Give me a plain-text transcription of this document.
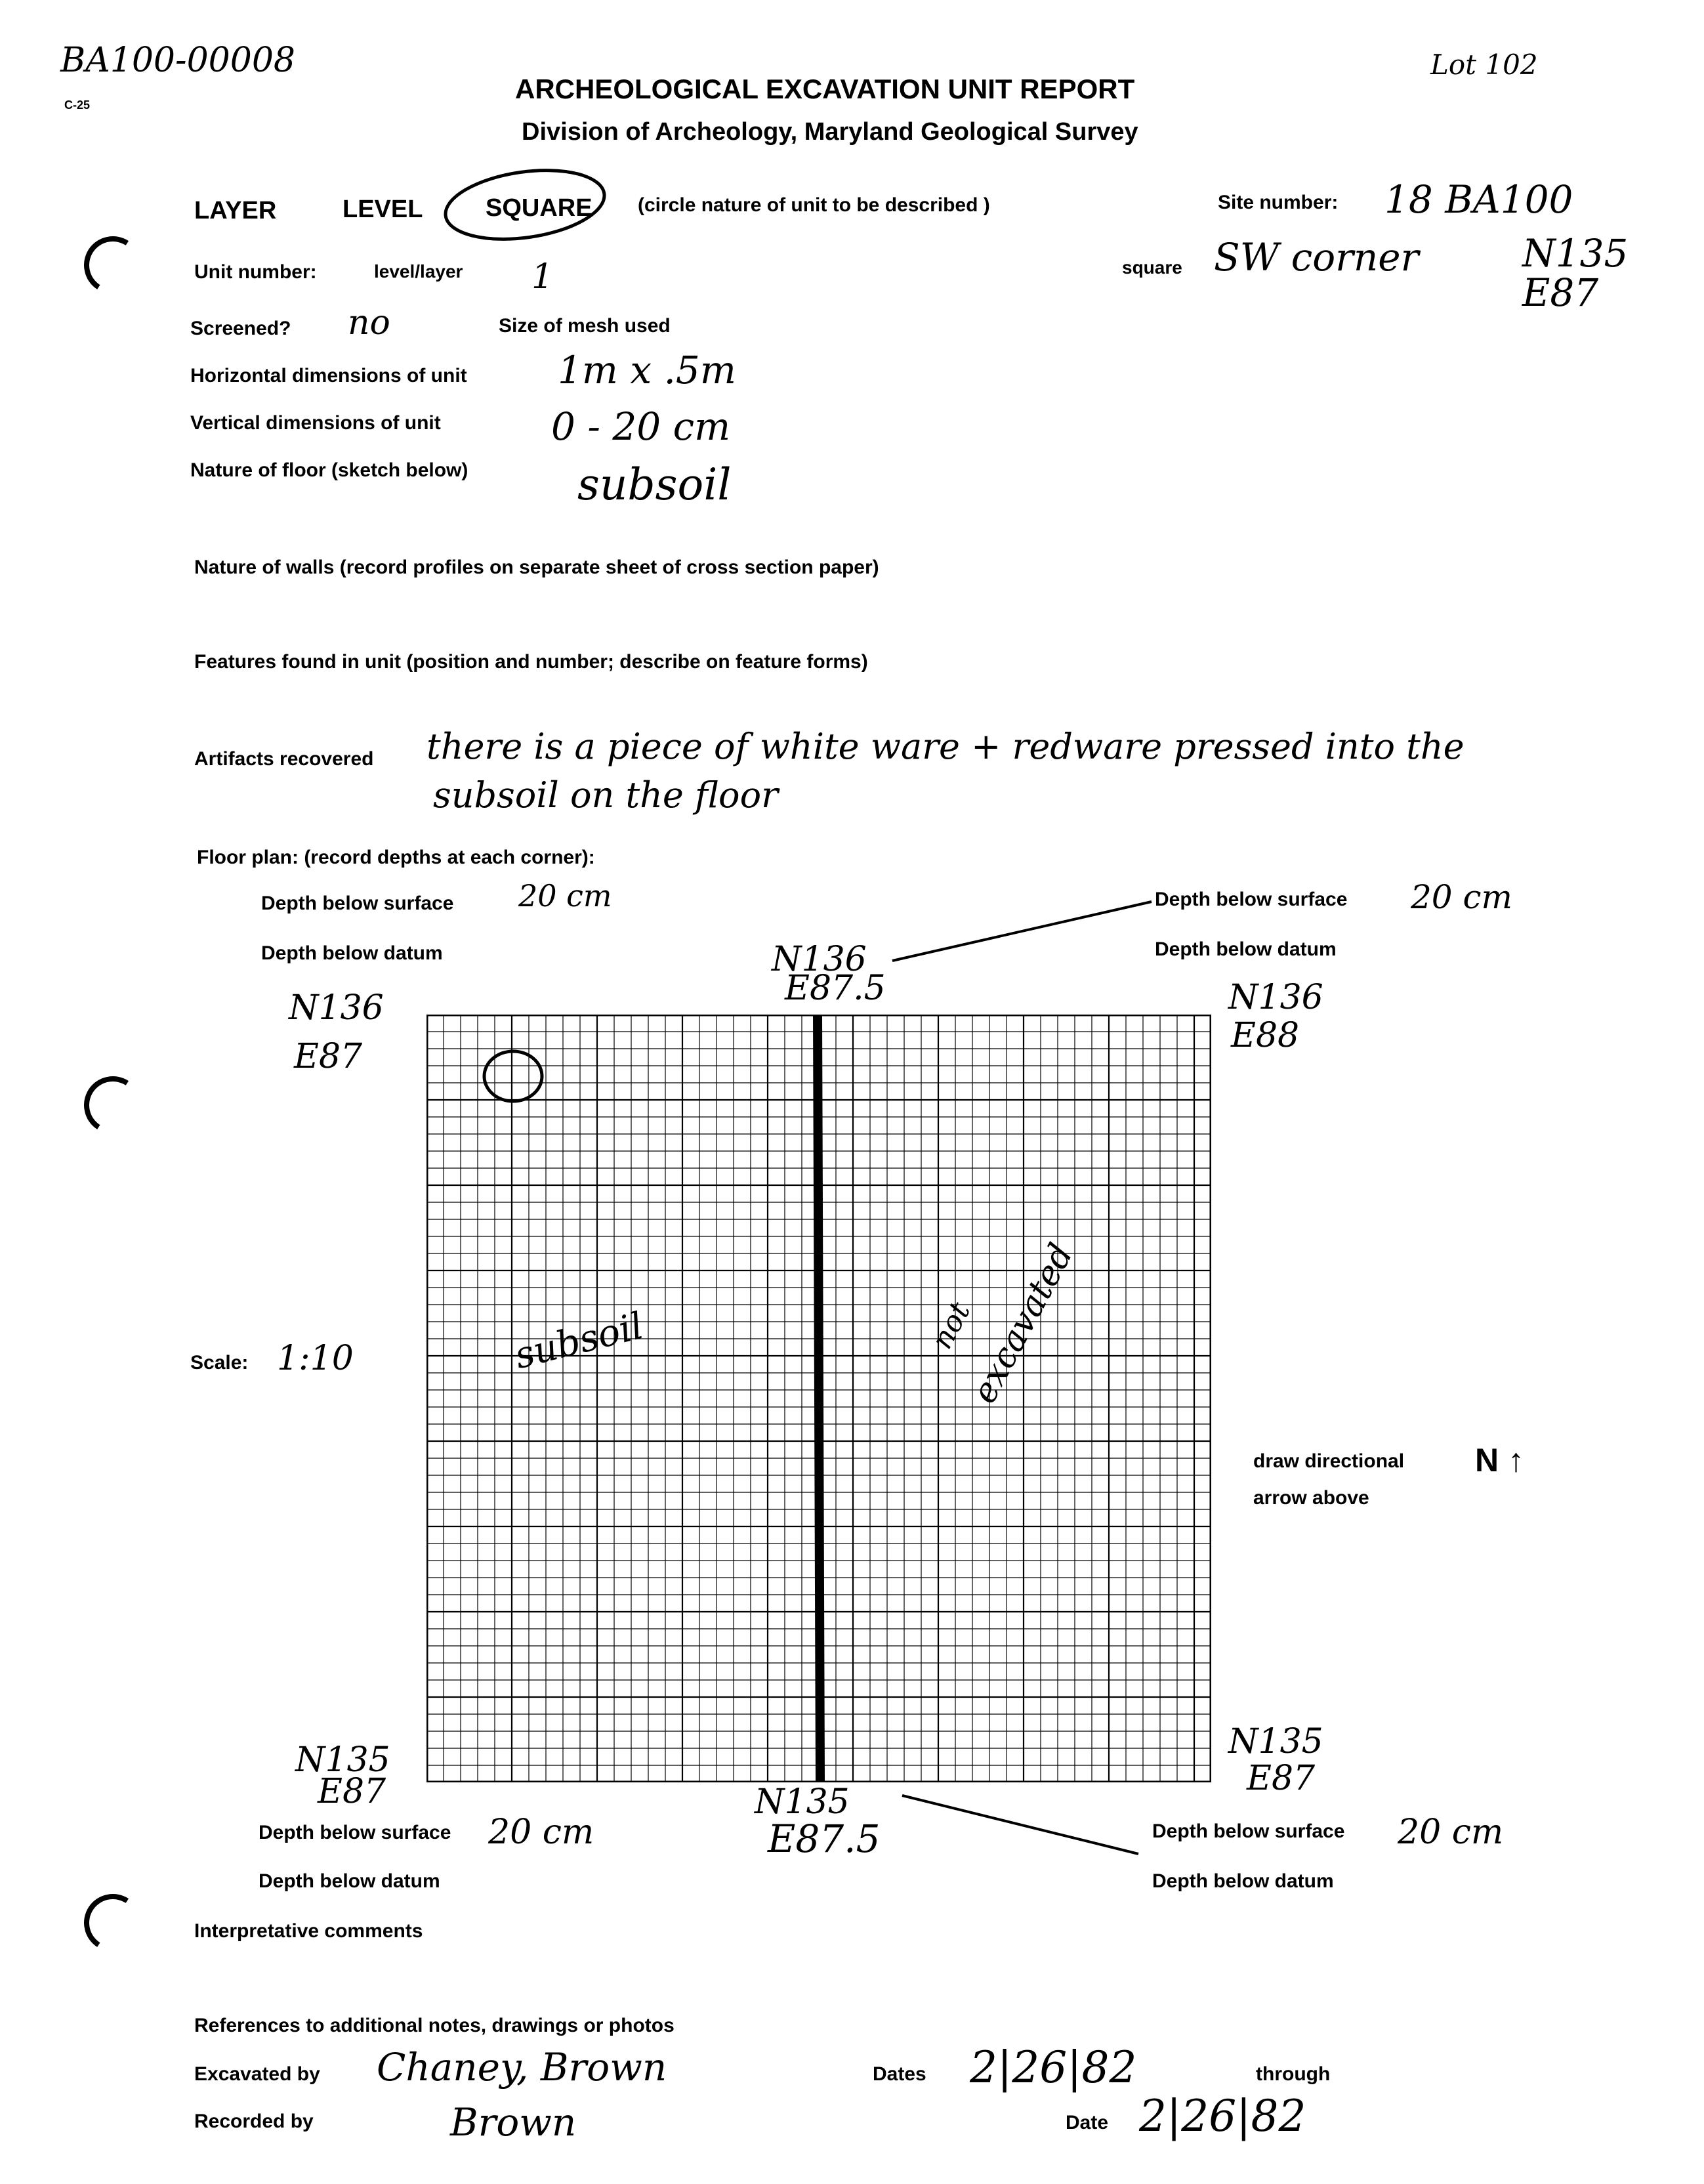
BA100-00008
C-25
Lot 102
ARCHEOLOGICAL EXCAVATION UNIT REPORT
Division of Archeology, Maryland Geological Survey
LAYER	LEVEL	SQUARE (circle nature of unit to be described )	Site number: 18 BA100
Unit number:	level/layer 1	square SW corner	N135
E87
Screened? no	Size of mesh used
Horizontal dimensions of unit 1m x .5m
Vertical dimensions of unit	0 - 20 cm
Nature of floor (sketch below)	subsoil
Nature of walls (record profiles on separate sheet of cross section paper)
Features found in unit (position and number; describe on feature forms)
Artifacts recovered there is a piece of white ware + redware pressed into the
subsoil on the floor
Floor plan: (record depths at each corner):
Depth below surface 20 cm
Depth below datum
Depth below surface 20 cm
Depth below datum
N136
E87
N136
E87.5	N136
E88
subsoil	not
excavated
Scale: 1:10
draw directional
arrow above
N ↑
N135
E87	N135
E87.5
N135
E87
Depth below surface 20 cm
Depth below datum
Depth below surface 20 cm
Depth below datum
Interpretative comments
References to additional notes, drawings or photos
Excavated by Chaney, Brown	Dates 2|26|82	through
Recorded by	Brown	Date 2|26|82
